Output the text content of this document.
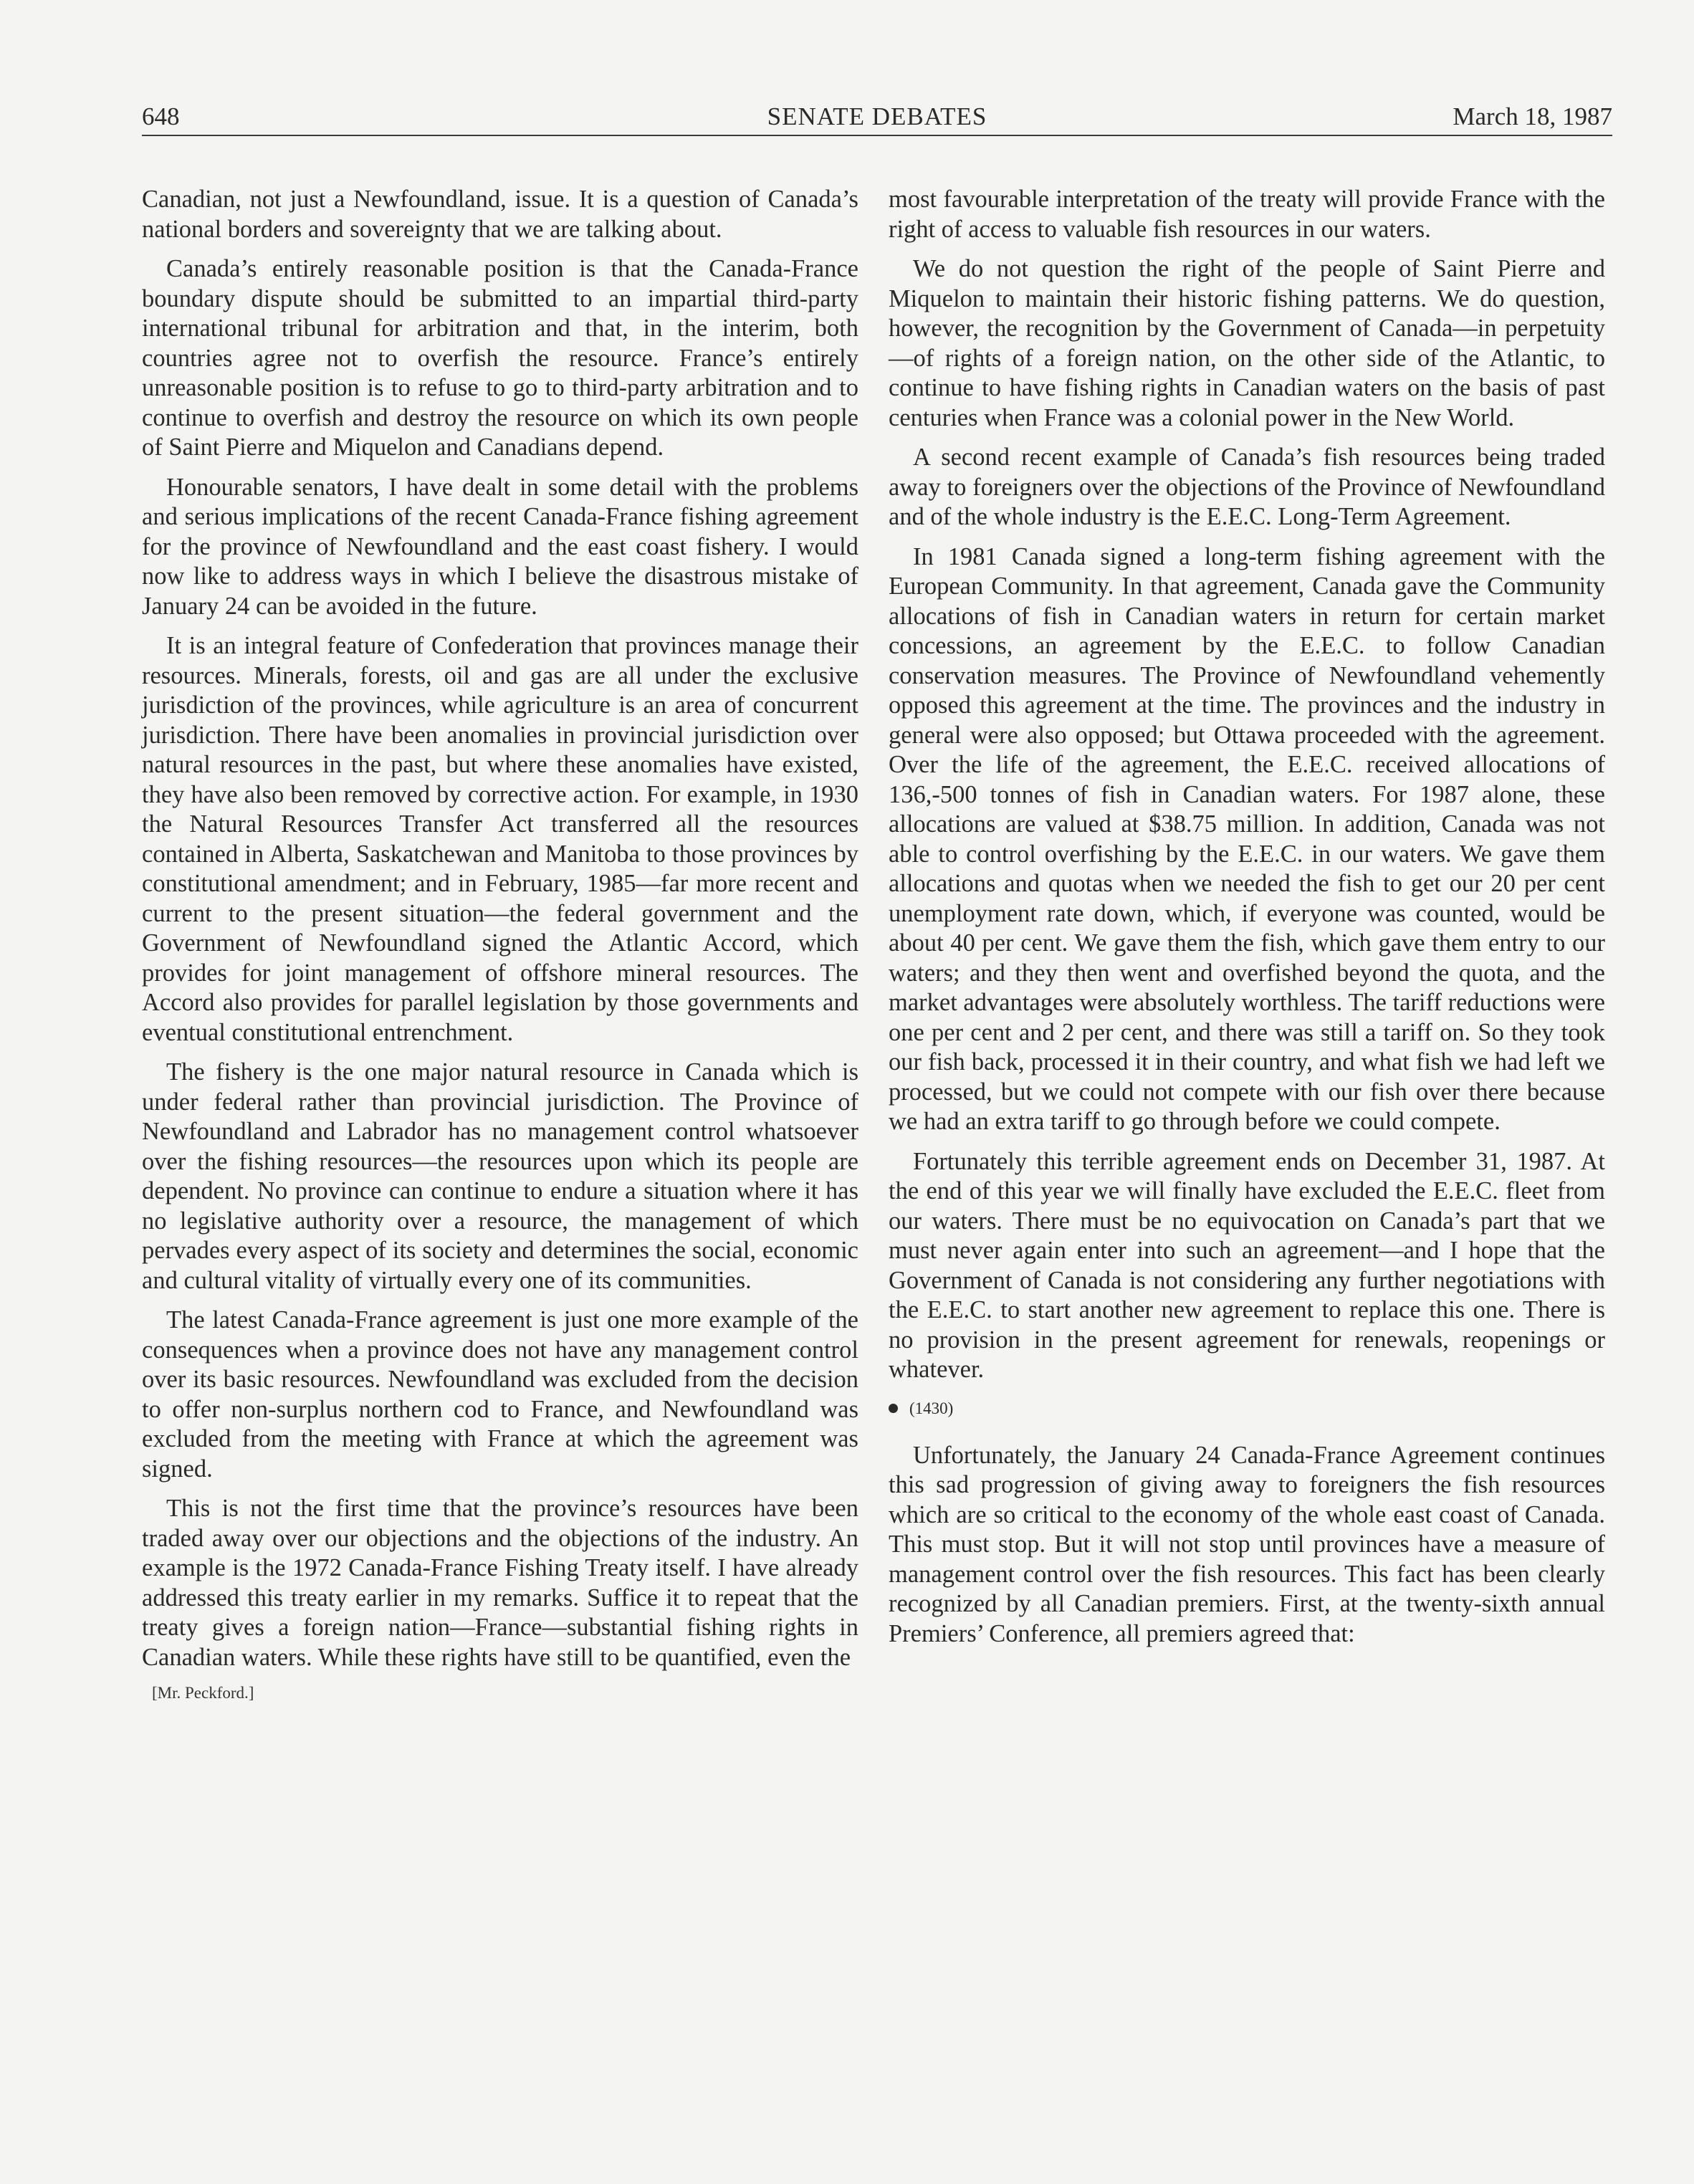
648	SENATE DEBATES	March 18, 1987

Canadian, not just a Newfoundland, issue. It is a question of Canada’s national borders and sovereignty that we are talking about.

Canada’s entirely reasonable position is that the Canada-France boundary dispute should be submitted to an impartial third-party international tribunal for arbitration and that, in the interim, both countries agree not to overfish the resource. France’s entirely unreasonable position is to refuse to go to third-party arbitration and to continue to overfish and destroy the resource on which its own people of Saint Pierre and Miquelon and Canadians depend.

Honourable senators, I have dealt in some detail with the problems and serious implications of the recent Canada-France fishing agreement for the province of Newfoundland and the east coast fishery. I would now like to address ways in which I believe the disastrous mistake of January 24 can be avoided in the future.

It is an integral feature of Confederation that provinces manage their resources. Minerals, forests, oil and gas are all under the exclusive jurisdiction of the provinces, while agriculture is an area of concurrent jurisdiction. There have been anomalies in provincial jurisdiction over natural resources in the past, but where these anomalies have existed, they have also been removed by corrective action. For example, in 1930 the Natural Resources Transfer Act transferred all the resources contained in Alberta, Saskatchewan and Manitoba to those provinces by constitutional amendment; and in February, 1985—far more recent and current to the present situation—the federal government and the Government of Newfoundland signed the Atlantic Accord, which provides for joint management of offshore mineral resources. The Accord also provides for parallel legislation by those governments and eventual constitutional entrenchment.

The fishery is the one major natural resource in Canada which is under federal rather than provincial jurisdiction. The Province of Newfoundland and Labrador has no management control whatsoever over the fishing resources—the resources upon which its people are dependent. No province can continue to endure a situation where it has no legislative authority over a resource, the management of which pervades every aspect of its society and determines the social, economic and cultural vitality of virtually every one of its communities.

The latest Canada-France agreement is just one more example of the consequences when a province does not have any management control over its basic resources. Newfoundland was excluded from the decision to offer non-surplus northern cod to France, and Newfoundland was excluded from the meeting with France at which the agreement was signed.

This is not the first time that the province’s resources have been traded away over our objections and the objections of the industry. An example is the 1972 Canada-France Fishing Treaty itself. I have already addressed this treaty earlier in my remarks. Suffice it to repeat that the treaty gives a foreign nation—France—substantial fishing rights in Canadian waters. While these rights have still to be quantified, even the

[Mr. Peckford.]

most favourable interpretation of the treaty will provide France with the right of access to valuable fish resources in our waters.

We do not question the right of the people of Saint Pierre and Miquelon to maintain their historic fishing patterns. We do question, however, the recognition by the Government of Canada—in perpetuity—of rights of a foreign nation, on the other side of the Atlantic, to continue to have fishing rights in Canadian waters on the basis of past centuries when France was a colonial power in the New World.

A second recent example of Canada’s fish resources being traded away to foreigners over the objections of the Province of Newfoundland and of the whole industry is the E.E.C. Long-Term Agreement.

In 1981 Canada signed a long-term fishing agreement with the European Community. In that agreement, Canada gave the Community allocations of fish in Canadian waters in return for certain market concessions, an agreement by the E.E.C. to follow Canadian conservation measures. The Province of Newfoundland vehemently opposed this agreement at the time. The provinces and the industry in general were also opposed; but Ottawa proceeded with the agreement. Over the life of the agreement, the E.E.C. received allocations of 136,-500 tonnes of fish in Canadian waters. For 1987 alone, these allocations are valued at $38.75 million. In addition, Canada was not able to control overfishing by the E.E.C. in our waters. We gave them allocations and quotas when we needed the fish to get our 20 per cent unemployment rate down, which, if everyone was counted, would be about 40 per cent. We gave them the fish, which gave them entry to our waters; and they then went and overfished beyond the quota, and the market advantages were absolutely worthless. The tariff reductions were one per cent and 2 per cent, and there was still a tariff on. So they took our fish back, processed it in their country, and what fish we had left we processed, but we could not compete with our fish over there because we had an extra tariff to go through before we could compete.

Fortunately this terrible agreement ends on December 31, 1987. At the end of this year we will finally have excluded the E.E.C. fleet from our waters. There must be no equivocation on Canada’s part that we must never again enter into such an agreement—and I hope that the Government of Canada is not considering any further negotiations with the E.E.C. to start another new agreement to replace this one. There is no provision in the present agreement for renewals, reopenings or whatever.

(1430)

Unfortunately, the January 24 Canada-France Agreement continues this sad progression of giving away to foreigners the fish resources which are so critical to the economy of the whole east coast of Canada. This must stop. But it will not stop until provinces have a measure of management control over the fish resources. This fact has been clearly recognized by all Canadian premiers. First, at the twenty-sixth annual Premiers’ Conference, all premiers agreed that:
